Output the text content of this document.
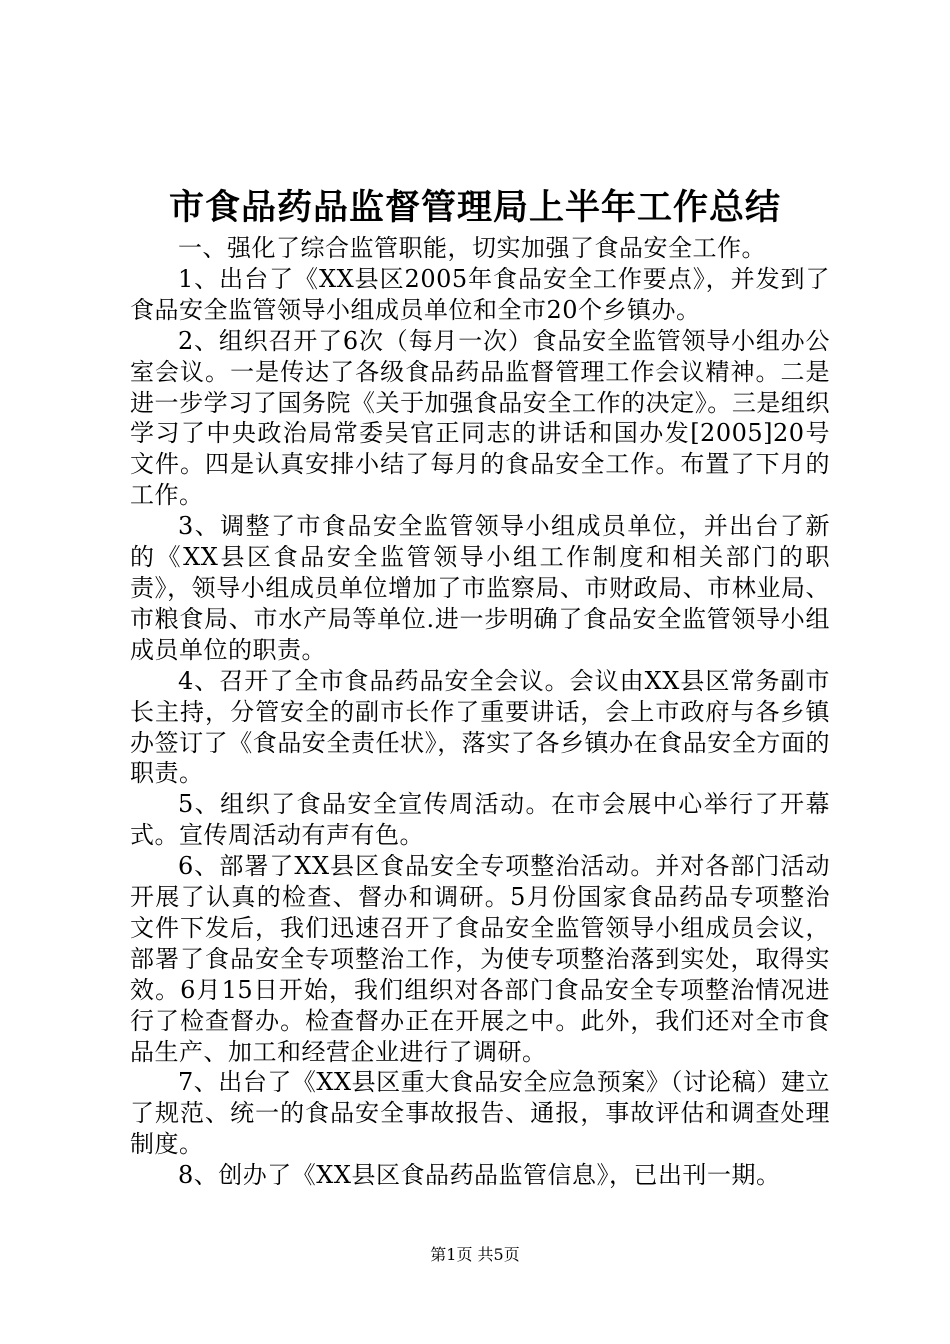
市食品药品监督管理局上半年工作总结

一、强化了综合监管职能，切实加强了食品安全工作。

1、出台了《XX县区2005年食品安全工作要点》，并发到了食品安全监管领导小组成员单位和全市20个乡镇办。

2、组织召开了6次（每月一次）食品安全监管领导小组办公室会议。一是传达了各级食品药品监督管理工作会议精神。二是进一步学习了国务院《关于加强食品安全工作的决定》。三是组织学习了中央政治局常委吴官正同志的讲话和国办发[2005]20号文件。四是认真安排小结了每月的食品安全工作。布置了下月的工作。

3、调整了市食品安全监管领导小组成员单位，并出台了新的《XX县区食品安全监管领导小组工作制度和相关部门的职责》，领导小组成员单位增加了市监察局、市财政局、市林业局、市粮食局、市水产局等单位.进一步明确了食品安全监管领导小组成员单位的职责。

4、召开了全市食品药品安全会议。会议由XX县区常务副市长主持，分管安全的副市长作了重要讲话，会上市政府与各乡镇办签订了《食品安全责任状》，落实了各乡镇办在食品安全方面的职责。

5、组织了食品安全宣传周活动。在市会展中心举行了开幕式。宣传周活动有声有色。

6、部署了XX县区食品安全专项整治活动。并对各部门活动开展了认真的检查、督办和调研。5月份国家食品药品专项整治文件下发后，我们迅速召开了食品安全监管领导小组成员会议，部署了食品安全专项整治工作，为使专项整治落到实处，取得实效。6月15日开始，我们组织对各部门食品安全专项整治情况进行了检查督办。检查督办正在开展之中。此外，我们还对全市食品生产、加工和经营企业进行了调研。

7、出台了《XX县区重大食品安全应急预案》（讨论稿）建立了规范、统一的食品安全事故报告、通报，事故评估和调查处理制度。

8、创办了《XX县区食品药品监管信息》，已出刊一期。

第1页 共5页
